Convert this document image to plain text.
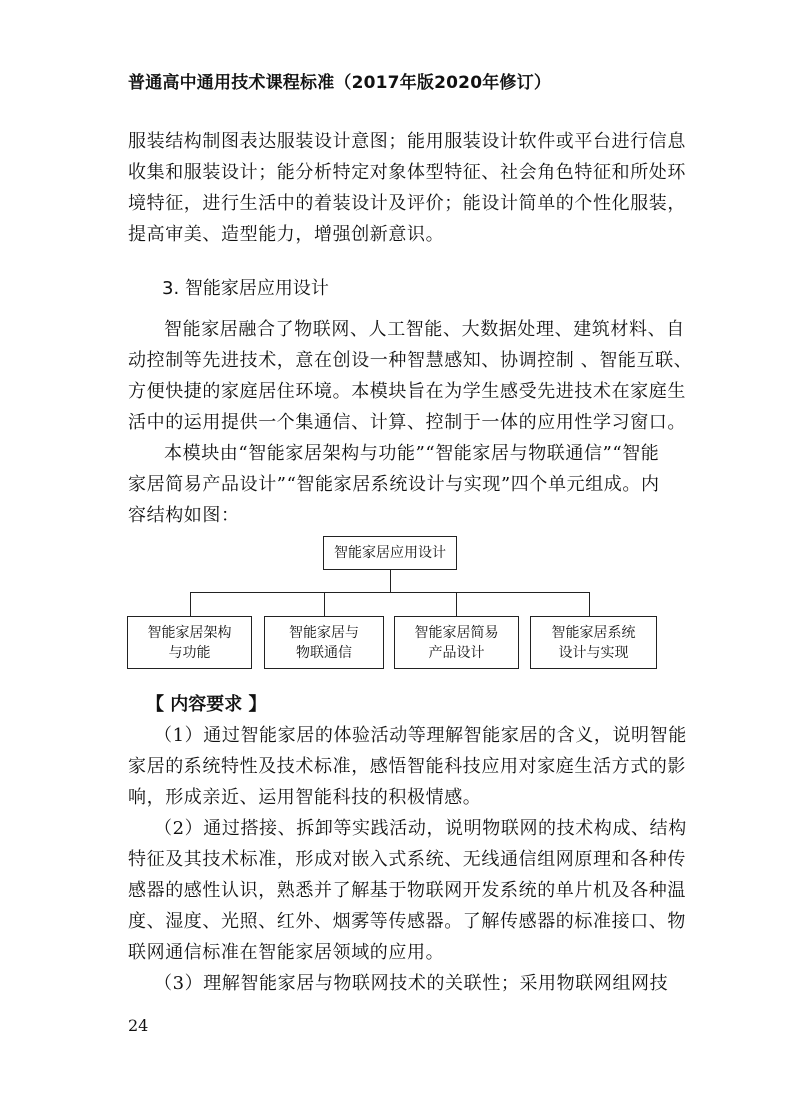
普通高中通用技术课程标准（2017年版2020年修订）
服装结构制图表达服装设计意图；能用服装设计软件或平台进行信息
收集和服装设计；能分析特定对象体型特征、社会角色特征和所处环
境特征，进行生活中的着装设计及评价；能设计简单的个性化服装，
提高审美、造型能力，增强创新意识。
3. 智能家居应用设计
智能家居融合了物联网、人工智能、大数据处理、建筑材料、自
动控制等先进技术，意在创设一种智慧感知、协调控制 、智能互联、
方便快捷的家庭居住环境。本模块旨在为学生感受先进技术在家庭生
活中的运用提供一个集通信、计算、控制于一体的应用性学习窗口。
本模块由“智能家居架构与功能”“智能家居与物联通信”“智能
家居简易产品设计”“智能家居系统设计与实现”四个单元组成。内
容结构如图：
智能家居应用设计
智能家居架构
与功能
智能家居与
物联通信
智能家居简易
产品设计
智能家居系统
设计与实现
【 内容要求 】
（1）通过智能家居的体验活动等理解智能家居的含义，说明智能
家居的系统特性及技术标准，感悟智能科技应用对家庭生活方式的影
响，形成亲近、运用智能科技的积极情感。
（2）通过搭接、拆卸等实践活动，说明物联网的技术构成、结构
特征及其技术标准，形成对嵌入式系统、无线通信组网原理和各种传
感器的感性认识，熟悉并了解基于物联网开发系统的单片机及各种温
度、湿度、光照、红外、烟雾等传感器。了解传感器的标准接口、物
联网通信标准在智能家居领域的应用。
（3）理解智能家居与物联网技术的关联性；采用物联网组网技
24
